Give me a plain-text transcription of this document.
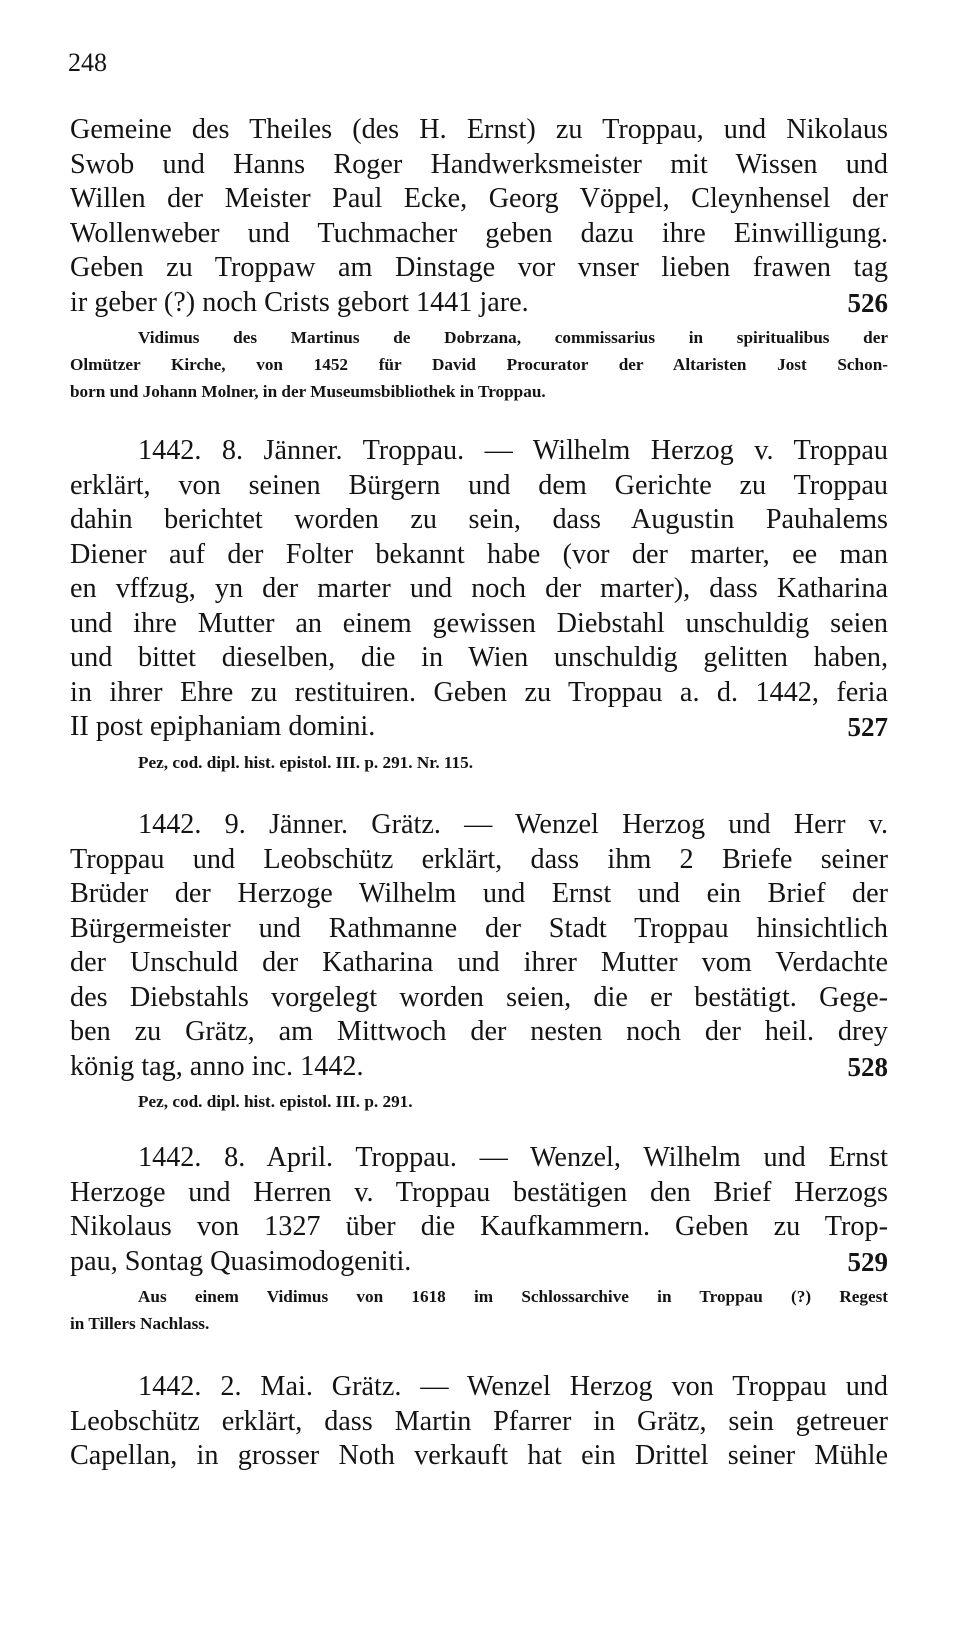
248

Gemeine des Theiles (des H. Ernst) zu Troppau, und Nikolaus
Swob und Hanns Roger Handwerksmeister mit Wissen und
Willen der Meister Paul Ecke, Georg Vöppel, Cleynhensel der
Wollenweber und Tuchmacher geben dazu ihre Einwilligung.
Geben zu Troppaw am Dinstage vor vnser lieben frawen tag
ir geber (?) noch Crists gebort 1441 jare.	526

Vidimus des Martinus de Dobrzana, commissarius in spiritualibus der
Olmützer Kirche, von 1452 für David Procurator der Altaristen Jost Schon-
born und Johann Molner, in der Museumsbibliothek in Troppau.

1442. 8. Jänner. Troppau. — Wilhelm Herzog v. Troppau
erklärt, von seinen Bürgern und dem Gerichte zu Troppau
dahin berichtet worden zu sein, dass Augustin Pauhalems
Diener auf der Folter bekannt habe (vor der marter, ee man
en vffzug, yn der marter und noch der marter), dass Katharina
und ihre Mutter an einem gewissen Diebstahl unschuldig seien
und bittet dieselben, die in Wien unschuldig gelitten haben,
in ihrer Ehre zu restituiren. Geben zu Troppau a. d. 1442, feria
II post epiphaniam domini.	527

Pez, cod. dipl. hist. epistol. III. p. 291. Nr. 115.

1442. 9. Jänner. Grätz. — Wenzel Herzog und Herr v.
Troppau und Leobschütz erklärt, dass ihm 2 Briefe seiner
Brüder der Herzoge Wilhelm und Ernst und ein Brief der
Bürgermeister und Rathmanne der Stadt Troppau hinsichtlich
der Unschuld der Katharina und ihrer Mutter vom Verdachte
des Diebstahls vorgelegt worden seien, die er bestätigt. Gege-
ben zu Grätz, am Mittwoch der nesten noch der heil. drey
könig tag, anno inc. 1442.	528

Pez, cod. dipl. hist. epistol. III. p. 291.

1442. 8. April. Troppau. — Wenzel, Wilhelm und Ernst
Herzoge und Herren v. Troppau bestätigen den Brief Herzogs
Nikolaus von 1327 über die Kaufkammern. Geben zu Trop-
pau, Sontag Quasimodogeniti.	529

Aus einem Vidimus von 1618 im Schlossarchive in Troppau (?) Regest
in Tillers Nachlass.

1442. 2. Mai. Grätz. — Wenzel Herzog von Troppau und
Leobschütz erklärt, dass Martin Pfarrer in Grätz, sein getreuer
Capellan, in grosser Noth verkauft hat ein Drittel seiner Mühle
